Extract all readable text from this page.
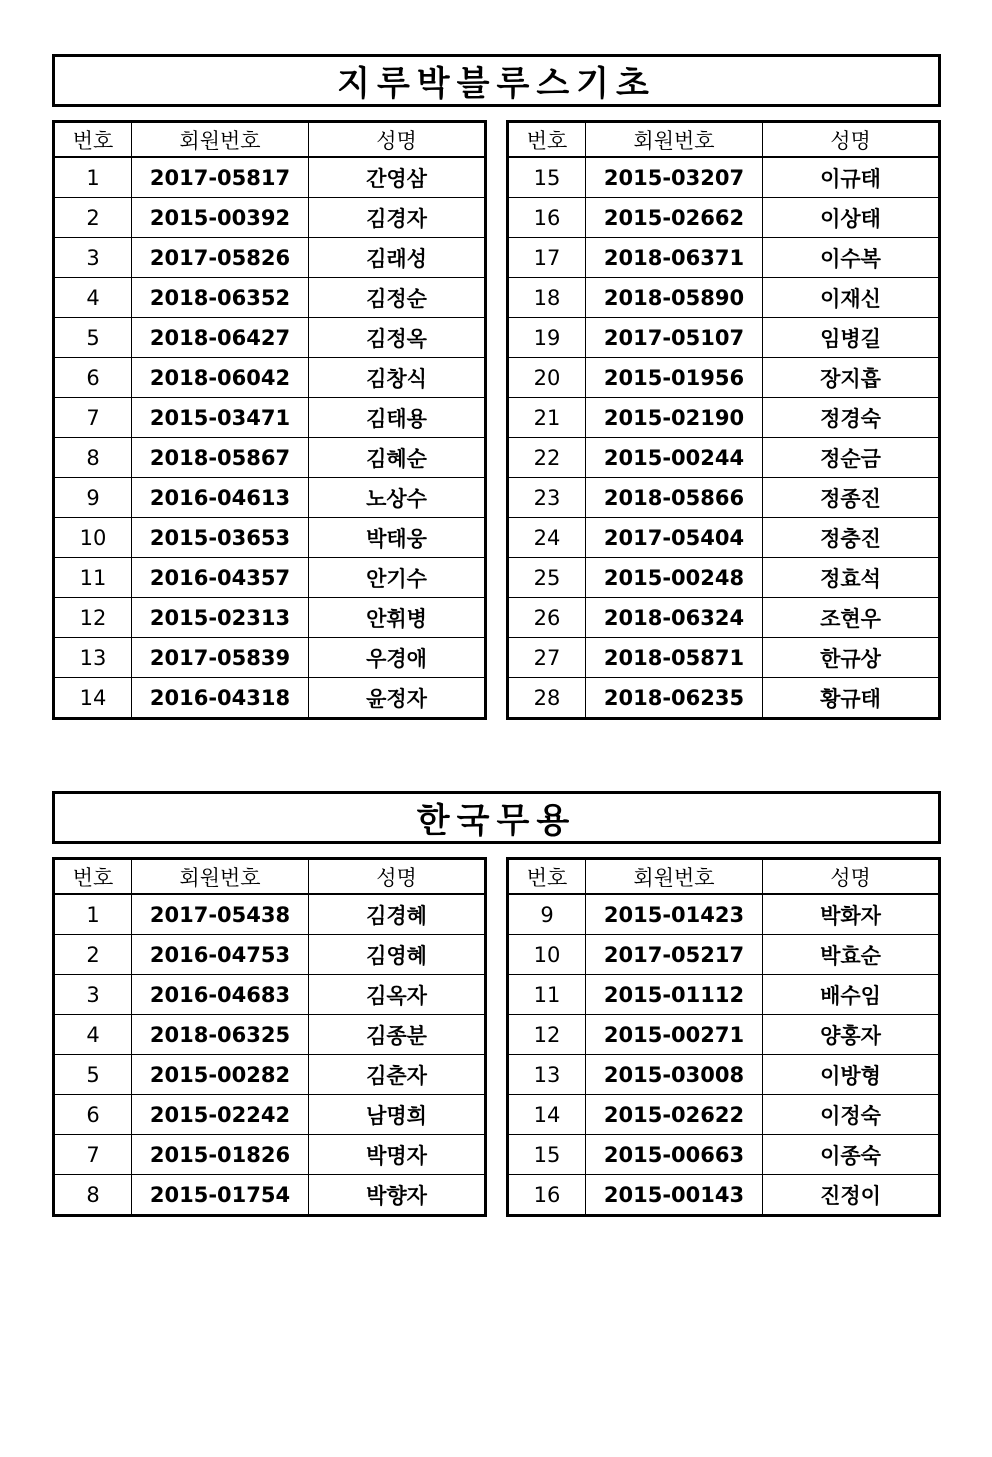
지루박블루스기초
번호	회원번호	성명
1	2017-05817	간영삼
2	2015-00392	김경자
3	2017-05826	김래성
4	2018-06352	김정순
5	2018-06427	김정옥
6	2018-06042	김창식
7	2015-03471	김태용
8	2018-05867	김혜순
9	2016-04613	노상수
10	2015-03653	박태웅
11	2016-04357	안기수
12	2015-02313	안휘병
13	2017-05839	우경애
14	2016-04318	윤정자
번호	회원번호	성명
15	2015-03207	이규태
16	2015-02662	이상태
17	2018-06371	이수복
18	2018-05890	이재신
19	2017-05107	임병길
20	2015-01956	장지흡
21	2015-02190	정경숙
22	2015-00244	정순금
23	2018-05866	정종진
24	2017-05404	정충진
25	2015-00248	정효석
26	2018-06324	조현우
27	2018-05871	한규상
28	2018-06235	황규태
한국무용
번호	회원번호	성명
1	2017-05438	김경혜
2	2016-04753	김영혜
3	2016-04683	김옥자
4	2018-06325	김종분
5	2015-00282	김춘자
6	2015-02242	남명희
7	2015-01826	박명자
8	2015-01754	박향자
번호	회원번호	성명
9	2015-01423	박화자
10	2017-05217	박효순
11	2015-01112	배수임
12	2015-00271	양홍자
13	2015-03008	이방형
14	2015-02622	이정숙
15	2015-00663	이종숙
16	2015-00143	진정이
